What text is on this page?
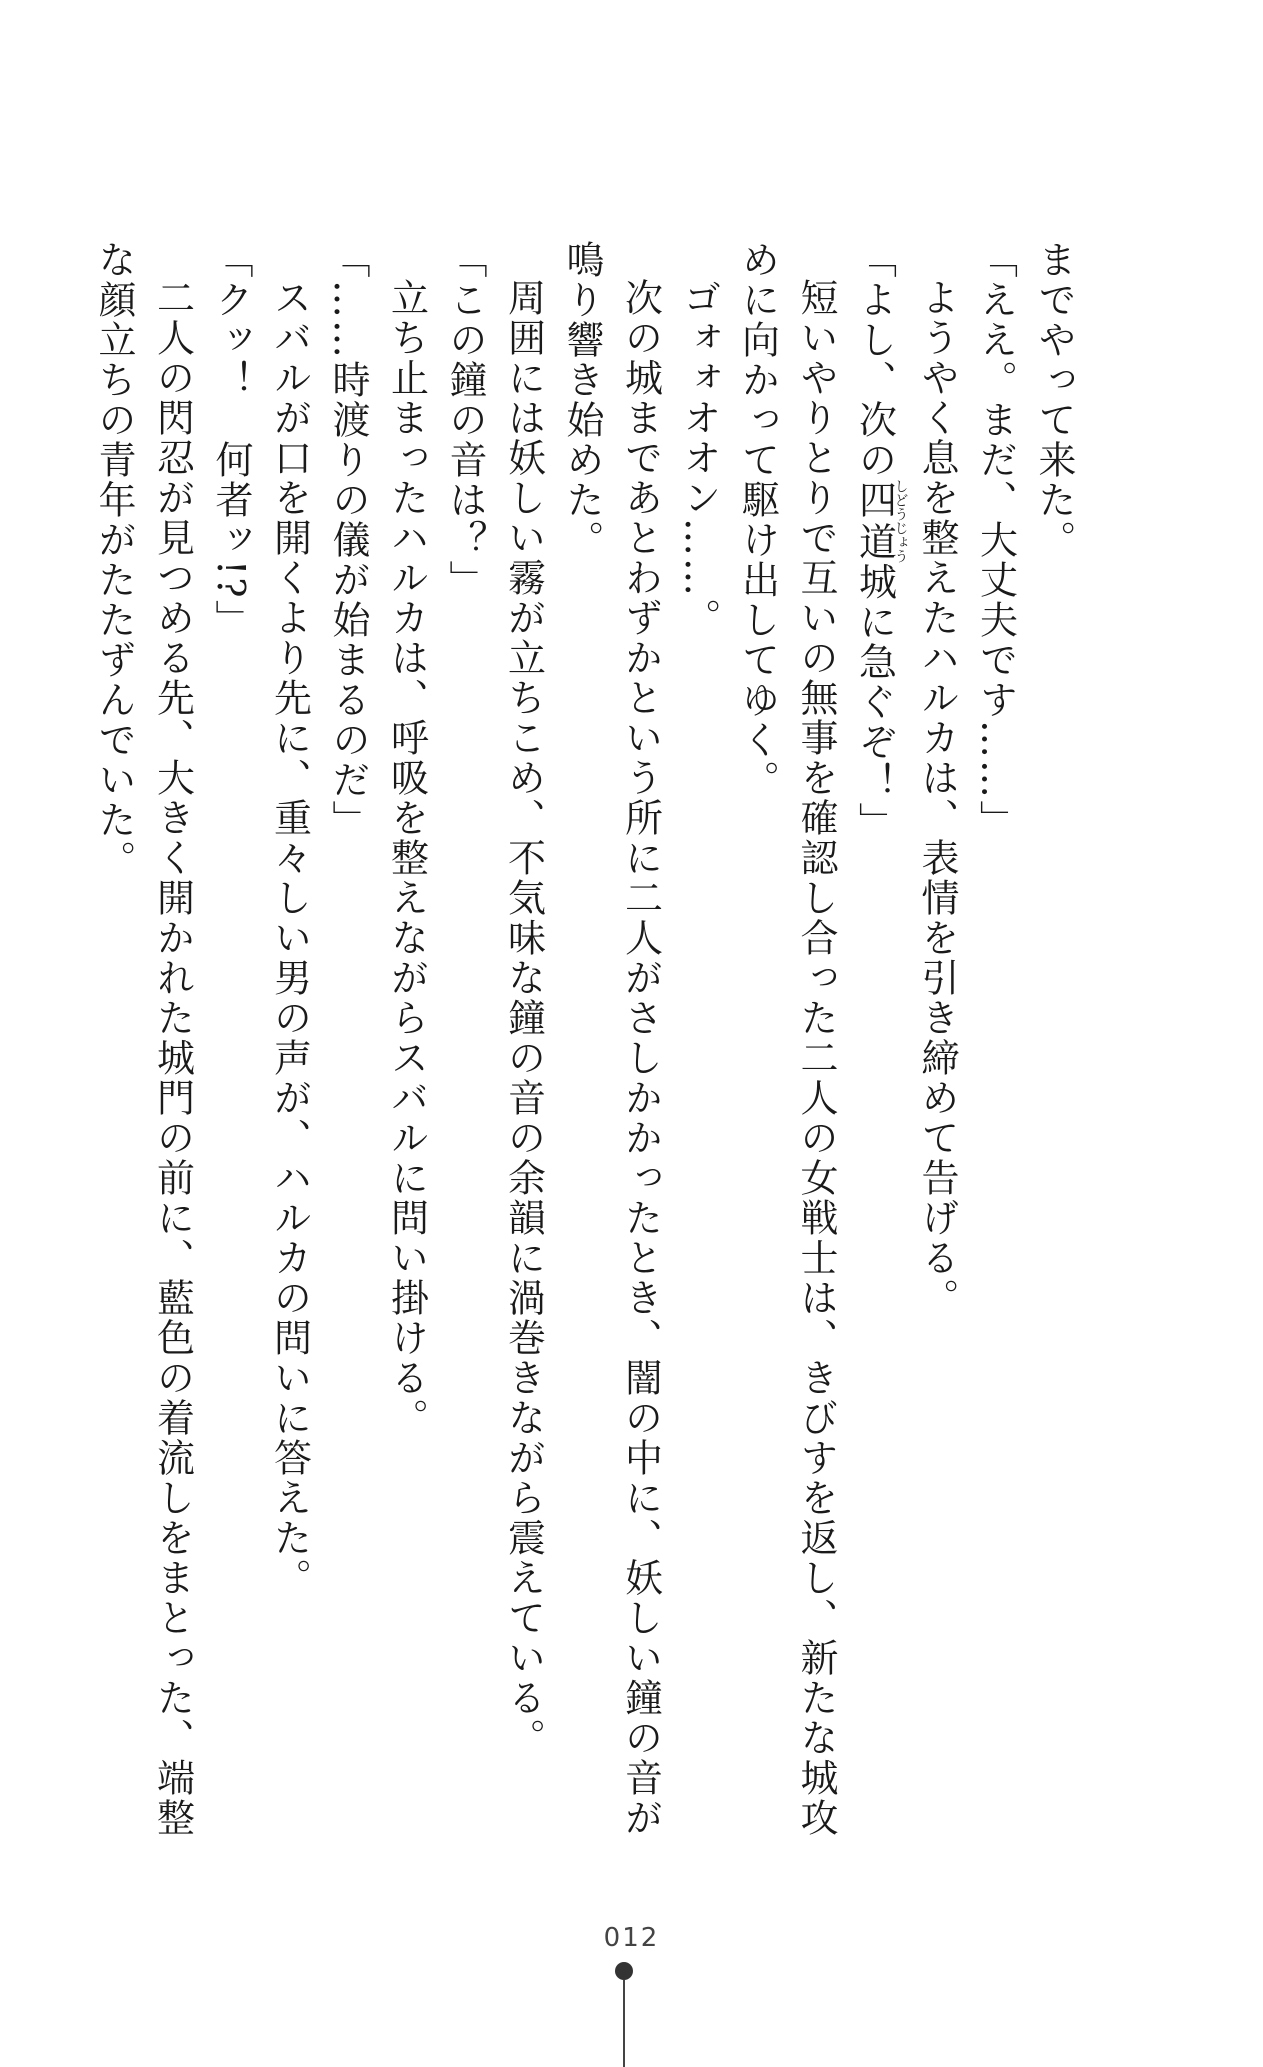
までやって来た。

「ええ。まだ、大丈夫です……」

ようやく息を整えたハルカは、表情を引き締めて告げる。

「よし、次の四道しどうじょう城に急ぐぞ！」

短いやりとりで互いの無事を確認し合った二人の女戦士は、きびすを返し、新たな城攻

めに向かって駆け出してゆく。

ゴォォオオン……。

次の城まであとわずかという所に二人がさしかかったとき、闇の中に、妖しい鐘の音が

鳴り響き始めた。

周囲には妖しい霧が立ちこめ、不気味な鐘の音の余韻に渦巻きながら震えている。

「この鐘の音は？」

立ち止まったハルカは、呼吸を整えながらスバルに問い掛ける。

「……時渡りの儀が始まるのだ」

スバルが口を開くより先に、重々しい男の声が、ハルカの問いに答えた。

「クッ！　何者ッ!?」

二人の閃忍が見つめる先、大きく開かれた城門の前に、藍色の着流しをまとった、端整

な顔立ちの青年がたたずんでいた。

012
